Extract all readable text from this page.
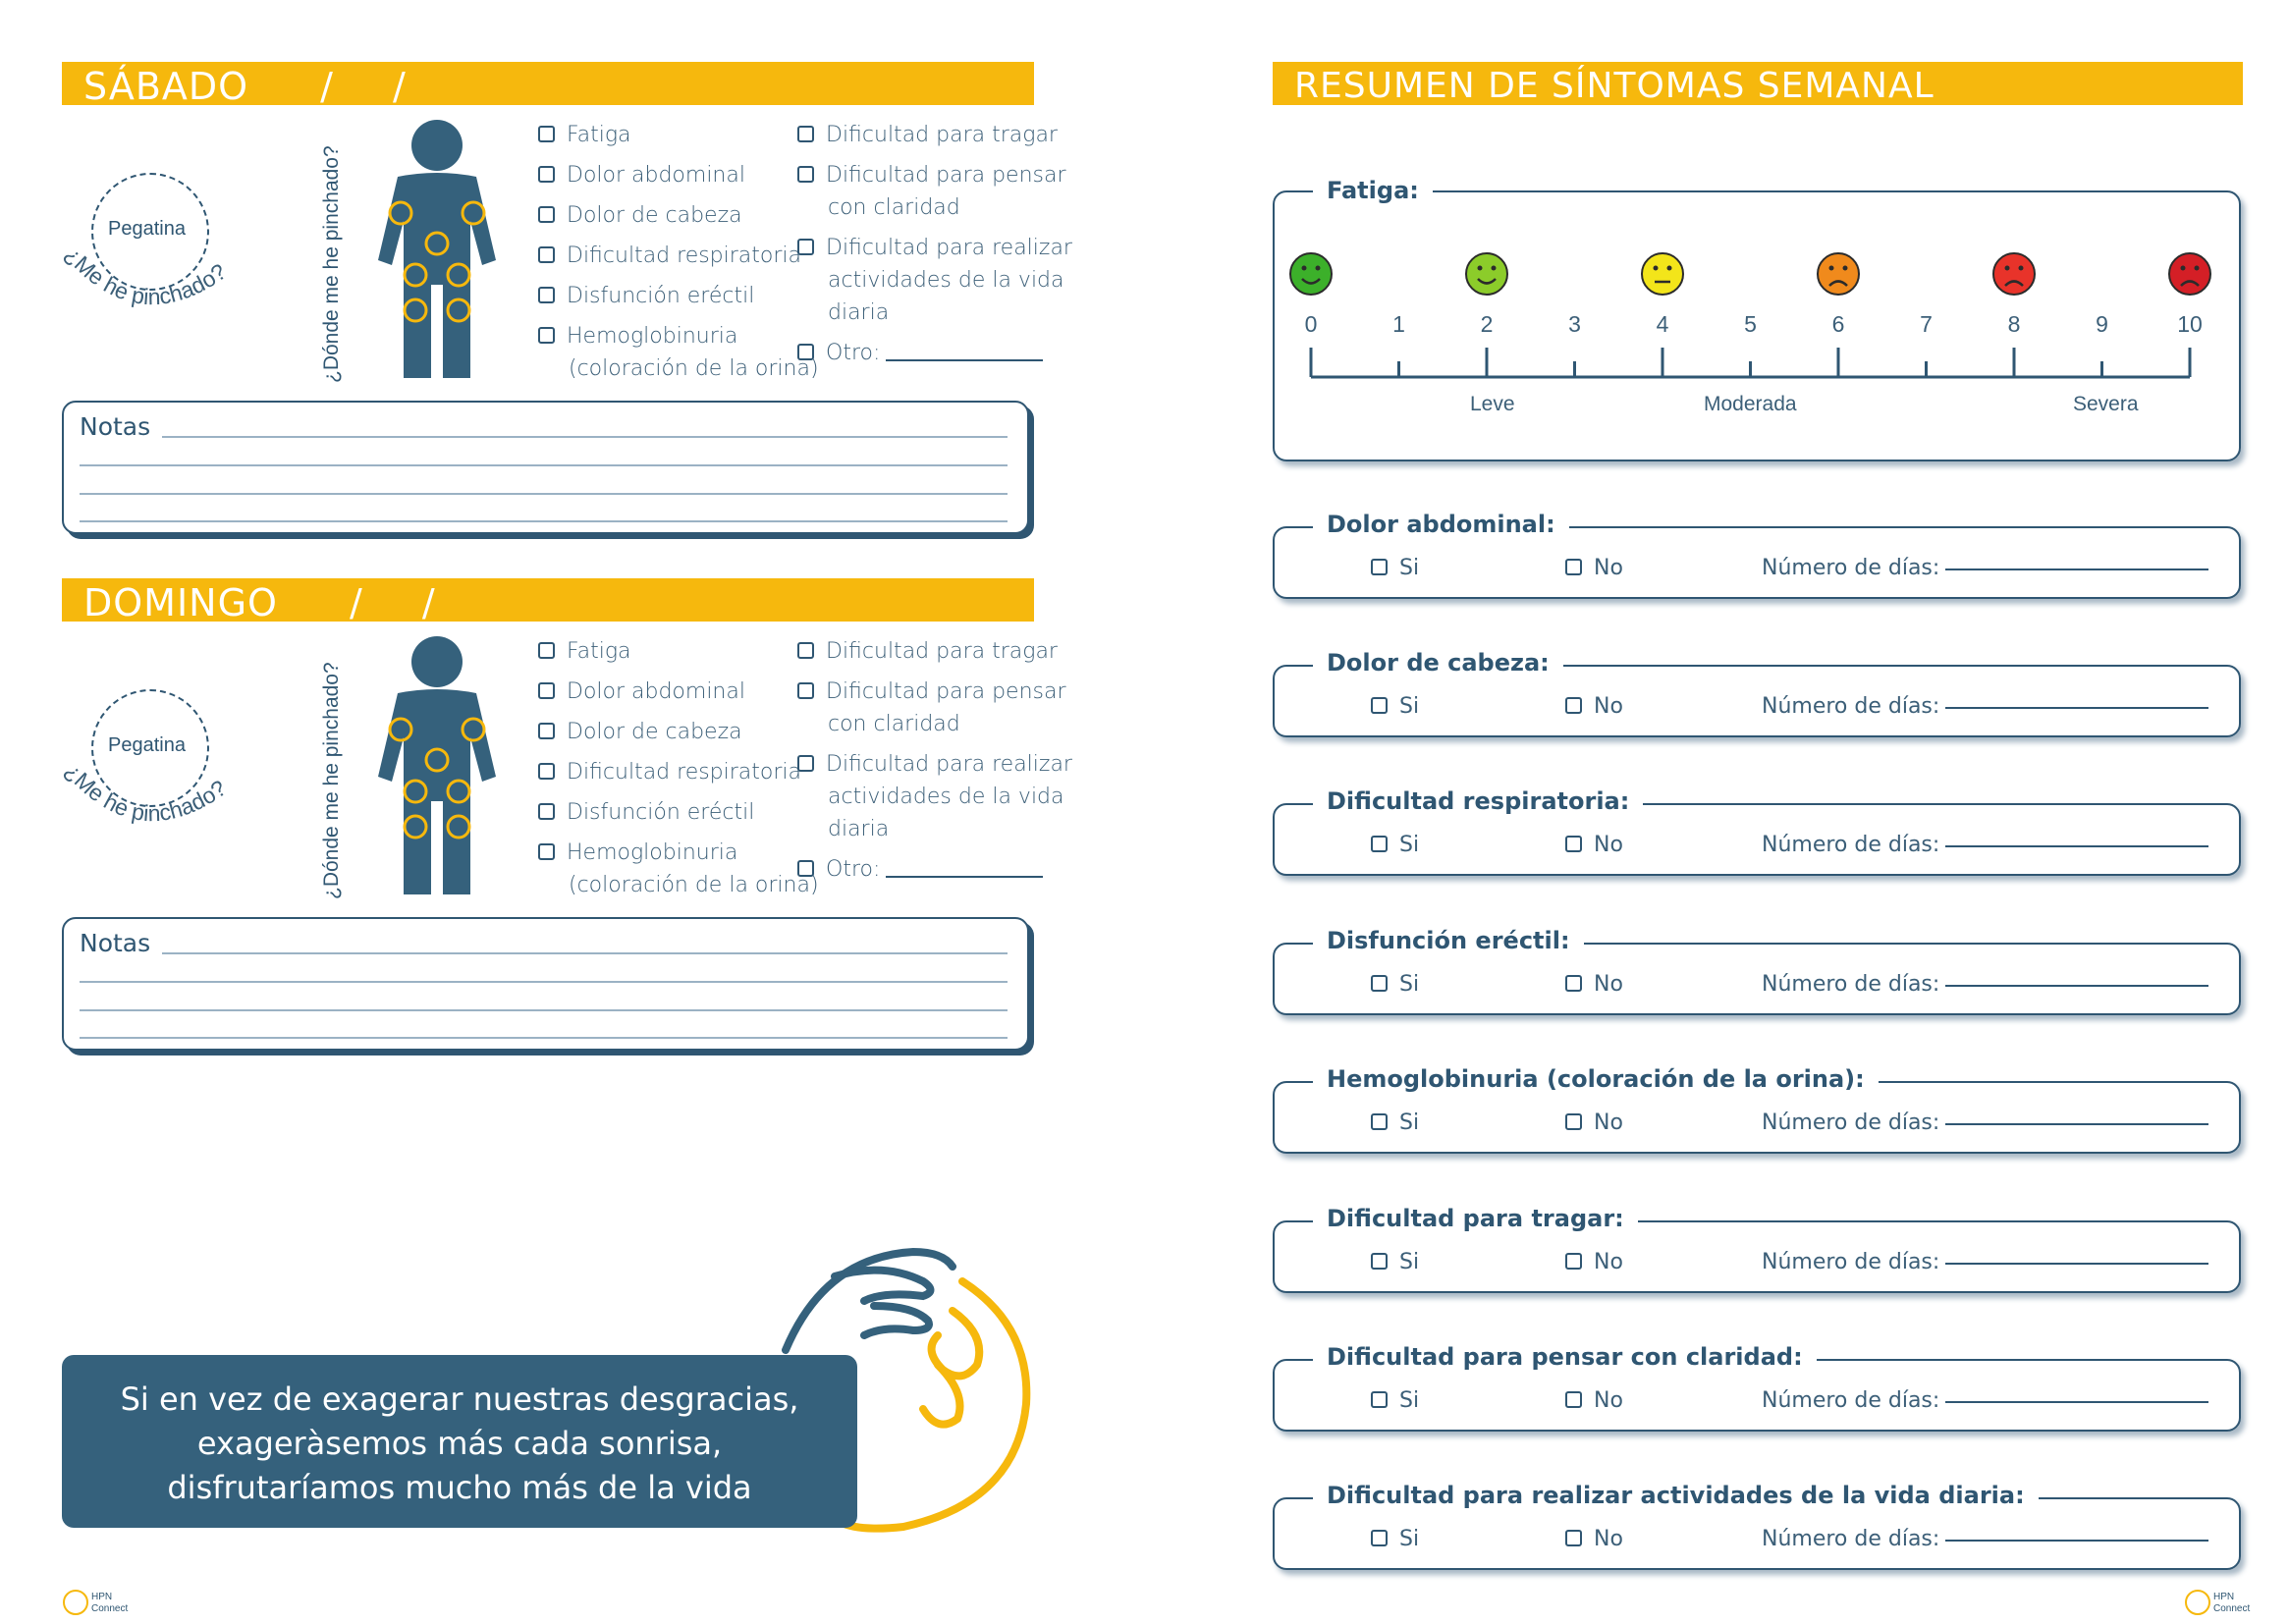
SÁBADO ___/___/___
Pegatina
¿Me he pinchado?	¿Dónde me he pinchado?
Fatiga
Dolor abdominal
Dolor de cabeza
Dificultad respiratoria
Disfunción eréctil
Hemoglobinuria
(coloración de la orina)
Dificultad para tragar
Dificultad para pensar
con claridad
Dificultad para realizar
actividades de la vida
diaria
Otro:
Notas
DOMINGO ___/___/___
Pegatina
¿Me he pinchado?	¿Dónde me he pinchado?
Fatiga
Dolor abdominal
Dolor de cabeza
Dificultad respiratoria
Disfunción eréctil
Hemoglobinuria
(coloración de la orina)
Dificultad para tragar
Dificultad para pensar
con claridad
Dificultad para realizar
actividades de la vida
diaria
Otro:
Notas
Si en vez de exagerar nuestras desgracias,
exageràsemos más cada sonrisa,
disfrutaríamos mucho más de la vida
RESUMEN DE SÍNTOMAS SEMANAL
0	1	2	3	4	5	6	7	8	9	10
Leve	Moderada	Severa
Fatiga:
Si	No	Número de días:
Dolor abdominal:
Si	No	Número de días:
Dolor de cabeza:
Si	No	Número de días:
Dificultad respiratoria:
Si	No	Número de días:
Disfunción eréctil:
Si	No	Número de días:
Hemoglobinuria (coloración de la orina):
Si	No	Número de días:
Dificultad para tragar:
Si	No	Número de días:
Dificultad para pensar con claridad:
Si	No	Número de días:
Dificultad para realizar actividades de la vida diaria:
HPN
Connect
HPN
Connect
